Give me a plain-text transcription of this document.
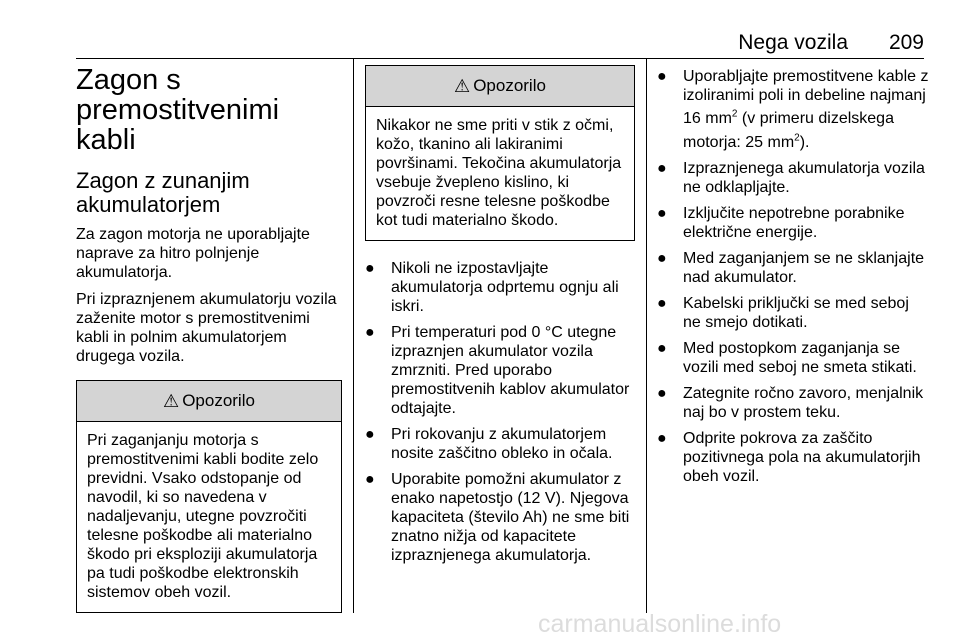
Nega vozila 209
Zagon s premostitvenimi kabli
Zagon z zunanjim akumulatorjem

Za zagon motorja ne uporabljajte naprave za hitro polnjenje akumulatorja.

Pri izpraznjenem akumulatorju vozila zaženite motor s premostitvenimi kabli in polnim akumulatorjem drugega vozila.

⚠ Opozorilo
Pri zaganjanju motorja s premostitvenimi kabli bodite zelo previdni. Vsako odstopanje od navodil, ki so navedena v nadaljevanju, utegne povzročiti telesne poškodbe ali materialno škodo pri eksploziji akumulatorja pa tudi poškodbe elektronskih sistemov obeh vozil.
⚠ Opozorilo
Nikakor ne sme priti v stik z očmi, kožo, tkanino ali lakiranimi površinami. Tekočina akumulatorja vsebuje žvepleno kislino, ki povzroči resne telesne poškodbe kot tudi materialno škodo.
● Nikoli ne izpostavljajte akumulatorja odprtemu ognju ali iskri.
● Pri temperaturi pod 0 °C utegne izpraznjen akumulator vozila zmrzniti. Pred uporabo premostitvenih kablov akumulator odtajajte.
● Pri rokovanju z akumulatorjem nosite zaščitno obleko in očala.
● Uporabite pomožni akumulator z enako napetostjo (12 V). Njegova kapaciteta (število Ah) ne sme biti znatno nižja od kapacitete izpraznjenega akumulatorja.
● Uporabljajte premostitvene kable z izoliranimi poli in debeline najmanj 16 $mm^2$ (v primeru dizelskega motorja: 25 $mm^2$).
● Izpraznjenega akumulatorja vozila ne odklapljajte.
● Izključite nepotrebne porabnike električne energije.
● Med zaganjanjem se ne sklanjajte nad akumulator.
● Kabelski priključki se med seboj ne smejo dotikati.
● Med postopkom zaganjanja se vozili med seboj ne smeta stikati.
● Zategnite ročno zavoro, menjalnik naj bo v prostem teku.
● Odprite pokrova za zaščito pozitivnega pola na akumulatorjih obeh vozil.
carmanualsonline.info
